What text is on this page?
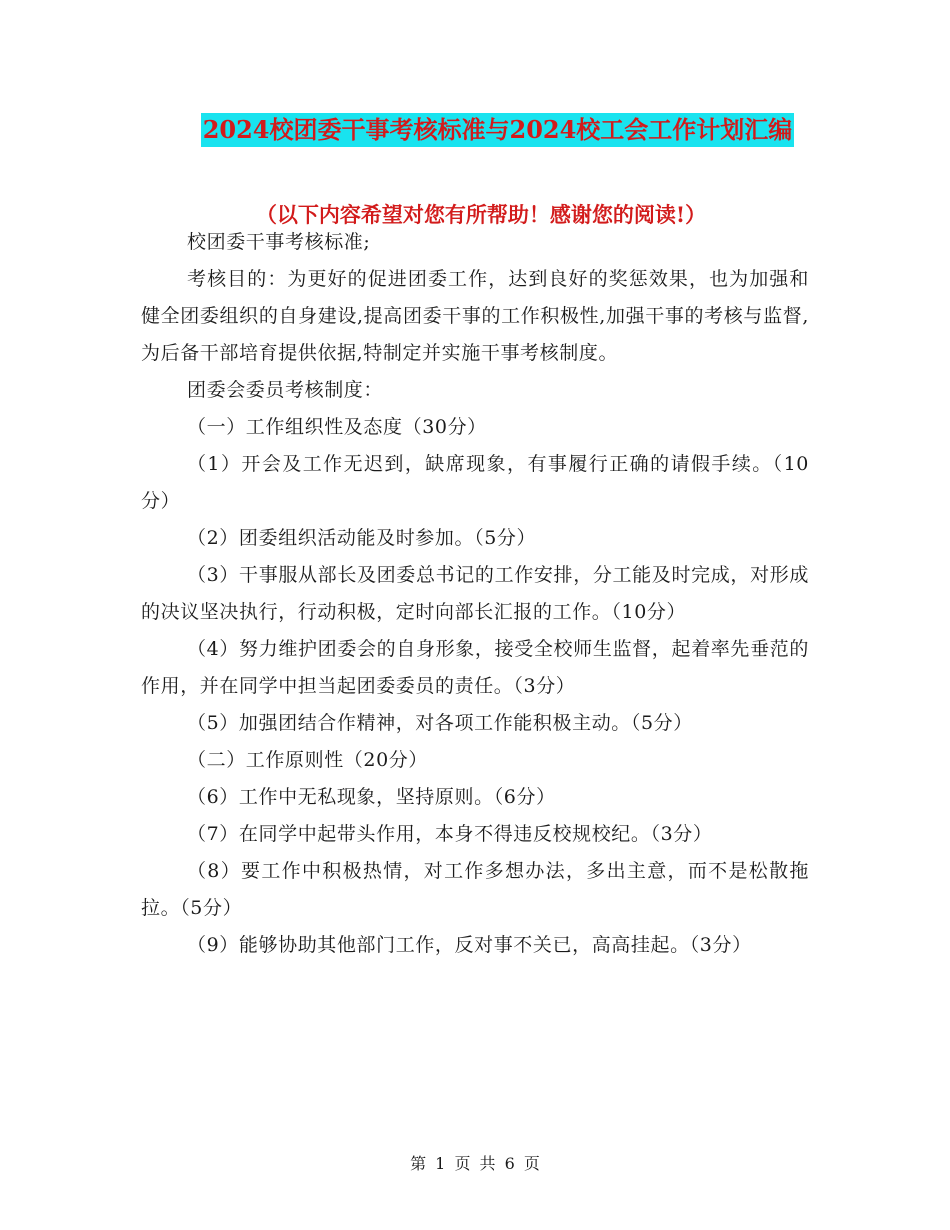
2024校团委干事考核标准与2024校工会工作计划汇编
（以下内容希望对您有所帮助！感谢您的阅读!）

校团委干事考核标准;

考核目的：为更好的促进团委工作，达到良好的奖惩效果，也为加强和健全团委组织的自身建设,提高团委干事的工作积极性,加强干事的考核与监督,为后备干部培育提供依据,特制定并实施干事考核制度。

团委会委员考核制度：

（一）工作组织性及态度（30分）

（1）开会及工作无迟到，缺席现象，有事履行正确的请假手续。（10分）

（2）团委组织活动能及时参加。（5分）

（3）干事服从部长及团委总书记的工作安排，分工能及时完成，对形成的决议坚决执行，行动积极，定时向部长汇报的工作。（10分）

（4）努力维护团委会的自身形象，接受全校师生监督，起着率先垂范的作用，并在同学中担当起团委委员的责任。（3分）

（5）加强团结合作精神，对各项工作能积极主动。（5分）

（二）工作原则性（20分）

（6）工作中无私现象，坚持原则。（6分）

（7）在同学中起带头作用，本身不得违反校规校纪。（3分）

（8）要工作中积极热情，对工作多想办法，多出主意，而不是松散拖拉。（5分）

（9）能够协助其他部门工作，反对事不关已，高高挂起。（3分）

第 1 页 共 6 页
